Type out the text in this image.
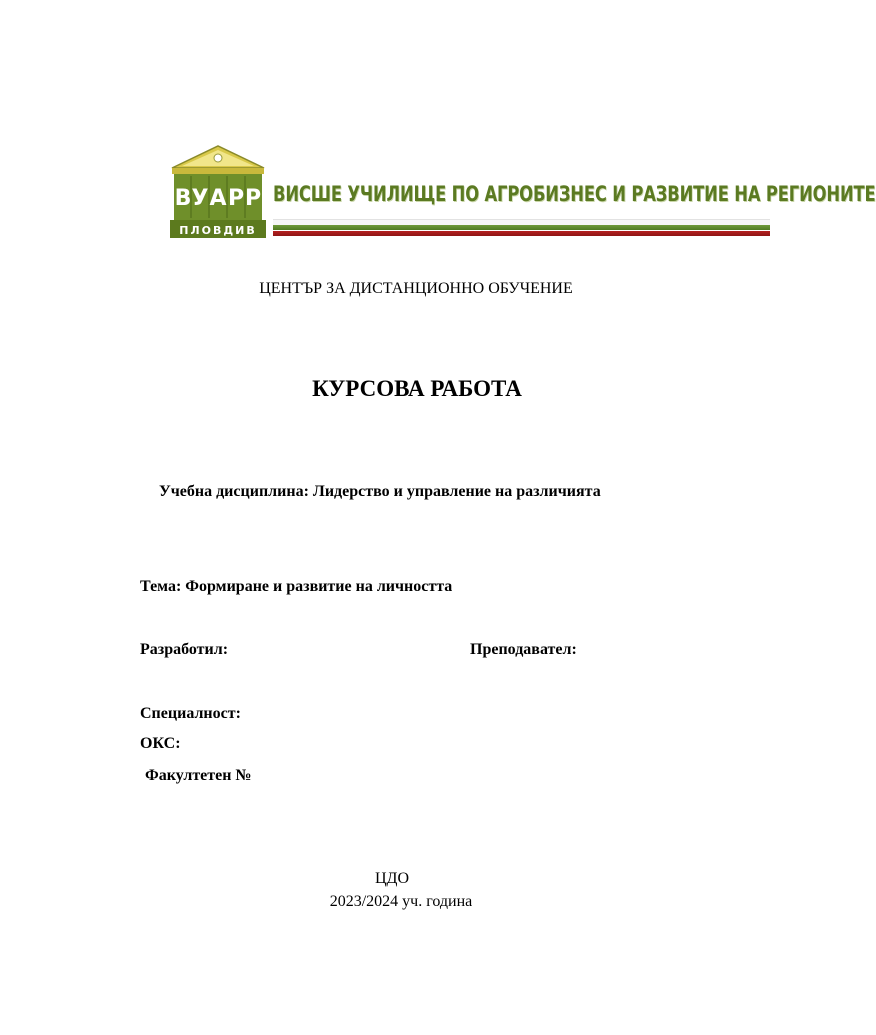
В У А Р Р
ПЛОВДИВ
ВИСШЕ УЧИЛИЩЕ ПО АГРОБИЗНЕС И РАЗВИТИЕ НА РЕГИОНИТЕ
ЦЕНТЪР ЗА ДИСТАНЦИОННО ОБУЧЕНИЕ
КУРСОВА РАБОТА
Учебна дисциплина: Лидерство и управление на различията
Тема: Формиране и развитие на личността
Разработил:	Преподавател:
Специалност:
ОКС:
Факултетен №
ЦДО
2023/2024 уч. година
